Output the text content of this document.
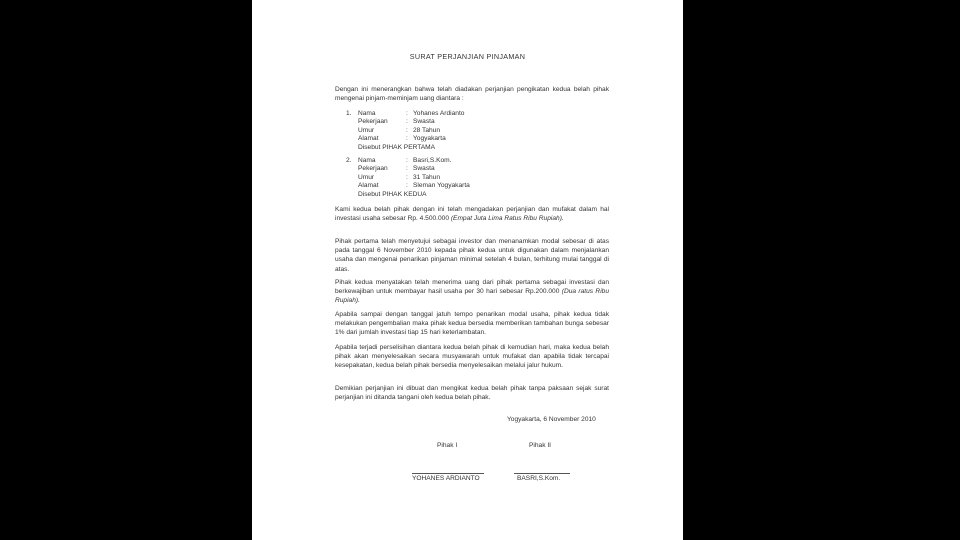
SURAT PERJANJIAN PINJAMAN
Dengan ini menerangkan bahwa telah diadakan perjanjian pengikatan kedua belah pihak mengenai pinjam-meminjam uang diantara :
1. Nama	: Yohanes Ardianto
Pekerjaan	: Swasta
Umur	: 28 Tahun
Alamat	: Yogyakarta
Disebut PIHAK PERTAMA
2. Nama	: Basri,S.Kom.
Pekerjaan	: Swasta
Umur	: 31 Tahun
Alamat	: Sleman Yogyakarta
Disebut PIHAK KEDUA
Kami kedua belah pihak dengan ini telah mengadakan perjanjian dan mufakat dalam hal investasi usaha sebesar Rp. 4.500.000 (Empat Juta Lima Ratus Ribu Rupiah).
Pihak pertama telah menyetujui sebagai investor dan menanamkan modal sebesar di atas pada tanggal 6 November 2010 kepada pihak kedua untuk digunakan dalam menjalankan usaha dan mengenai penarikan pinjaman minimal setelah 4 bulan, terhitung mulai tanggal di atas.
Pihak kedua menyatakan telah menerima uang dari pihak pertama sebagai investasi dan berkewajiban untuk membayar hasil usaha per 30 hari sebesar Rp.200.000 (Dua ratus Ribu Rupiah).
Apabila sampai dengan tanggal jatuh tempo penarikan modal usaha, pihak kedua tidak melakukan pengembalian maka pihak kedua bersedia memberikan tambahan bunga sebesar 1% dari jumlah investasi tiap 15 hari keterlambatan.
Apabila terjadi perselisihan diantara kedua belah pihak di kemudian hari, maka kedua belah pihak akan menyelesaikan secara musyawarah untuk mufakat dan apabila tidak tercapai kesepakatan, kedua belah pihak bersedia menyelesaikan melalui jalur hukum.
Demikian perjanjian ini dibuat dan mengikat kedua belah pihak tanpa paksaan sejak surat perjanjian ini ditanda tangani oleh kedua belah pihak.
Yogyakarta, 6 November 2010
Pihak I	Pihak II
YOHANES ARDIANTO	BASRI,S.Kom.
